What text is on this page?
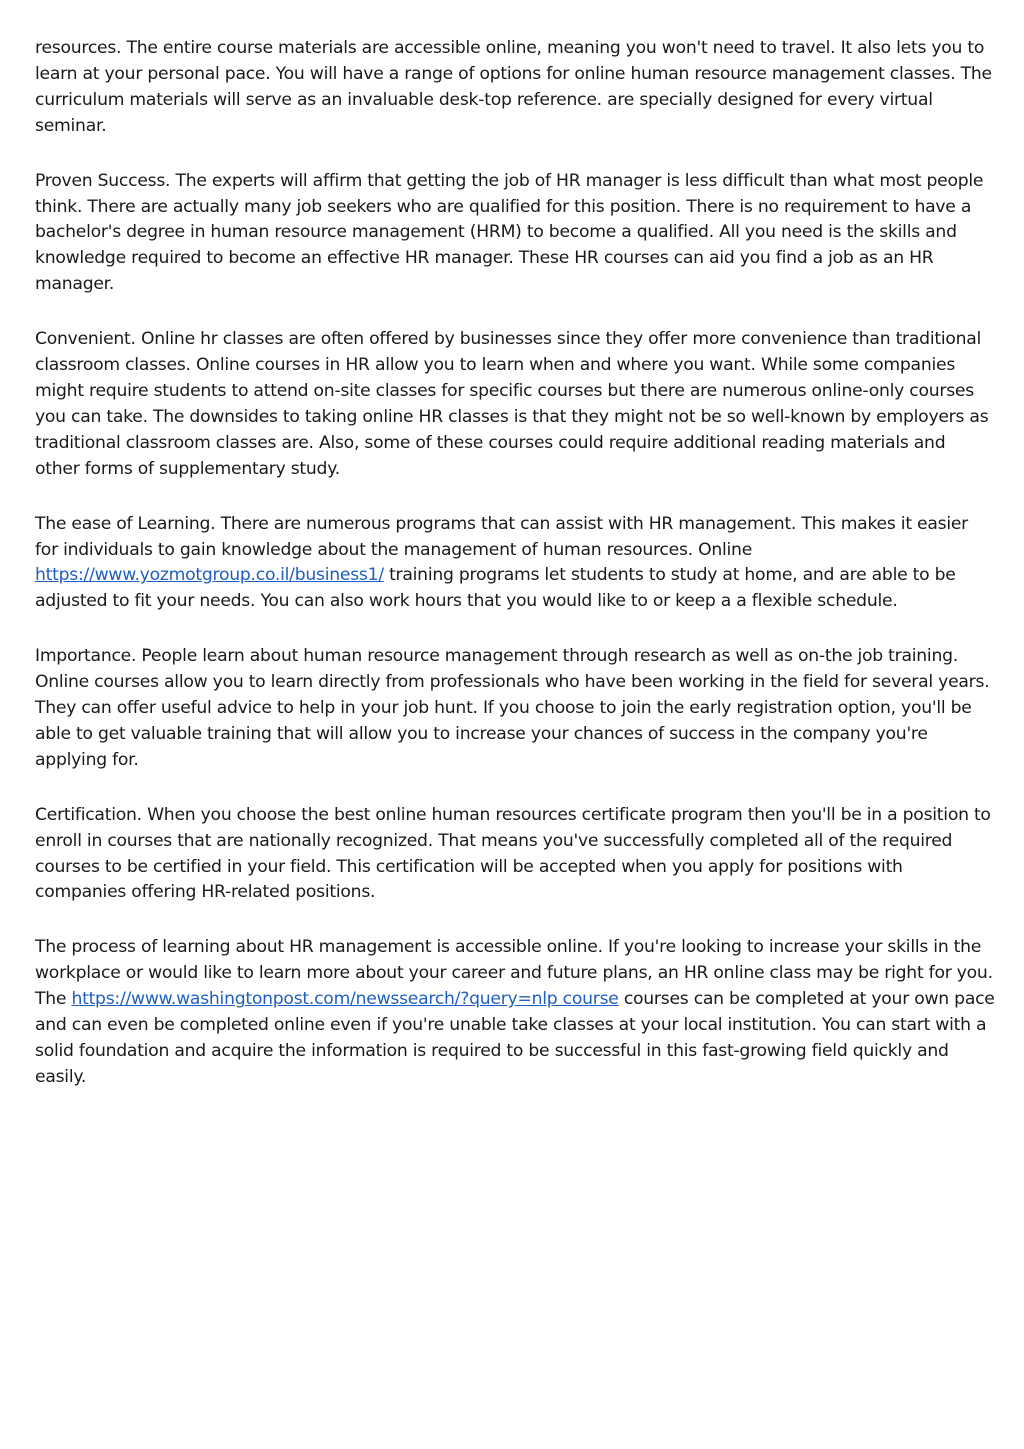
resources. The entire course materials are accessible online, meaning you won't need to travel. It also lets you to learn at your personal pace. You will have a range of options for online human resource management classes. The curriculum materials will serve as an invaluable desk-top reference. are specially designed for every virtual seminar.

Proven Success. The experts will affirm that getting the job of HR manager is less difficult than what most people think. There are actually many job seekers who are qualified for this position. There is no requirement to have a bachelor's degree in human resource management (HRM) to become a qualified. All you need is the skills and knowledge required to become an effective HR manager. These HR courses can aid you find a job as an HR manager.

Convenient. Online hr classes are often offered by businesses since they offer more convenience than traditional classroom classes. Online courses in HR allow you to learn when and where you want. While some companies might require students to attend on-site classes for specific courses but there are numerous online-only courses you can take. The downsides to taking online HR classes is that they might not be so well-known by employers as traditional classroom classes are. Also, some of these courses could require additional reading materials and other forms of supplementary study.

The ease of Learning. There are numerous programs that can assist with HR management. This makes it easier for individuals to gain knowledge about the management of human resources. Online https://www.yozmotgroup.co.il/business1/ training programs let students to study at home, and are able to be adjusted to fit your needs. You can also work hours that you would like to or keep a a flexible schedule.

Importance. People learn about human resource management through research as well as on-the job training. Online courses allow you to learn directly from professionals who have been working in the field for several years. They can offer useful advice to help in your job hunt. If you choose to join the early registration option, you'll be able to get valuable training that will allow you to increase your chances of success in the company you're applying for.

Certification. When you choose the best online human resources certificate program then you'll be in a position to enroll in courses that are nationally recognized. That means you've successfully completed all of the required courses to be certified in your field. This certification will be accepted when you apply for positions with companies offering HR-related positions.

The process of learning about HR management is accessible online. If you're looking to increase your skills in the workplace or would like to learn more about your career and future plans, an HR online class may be right for you. The https://www.washingtonpost.com/newssearch/?query=nlp course courses can be completed at your own pace and can even be completed online even if you're unable take classes at your local institution. You can start with a solid foundation and acquire the information is required to be successful in this fast-growing field quickly and easily.
